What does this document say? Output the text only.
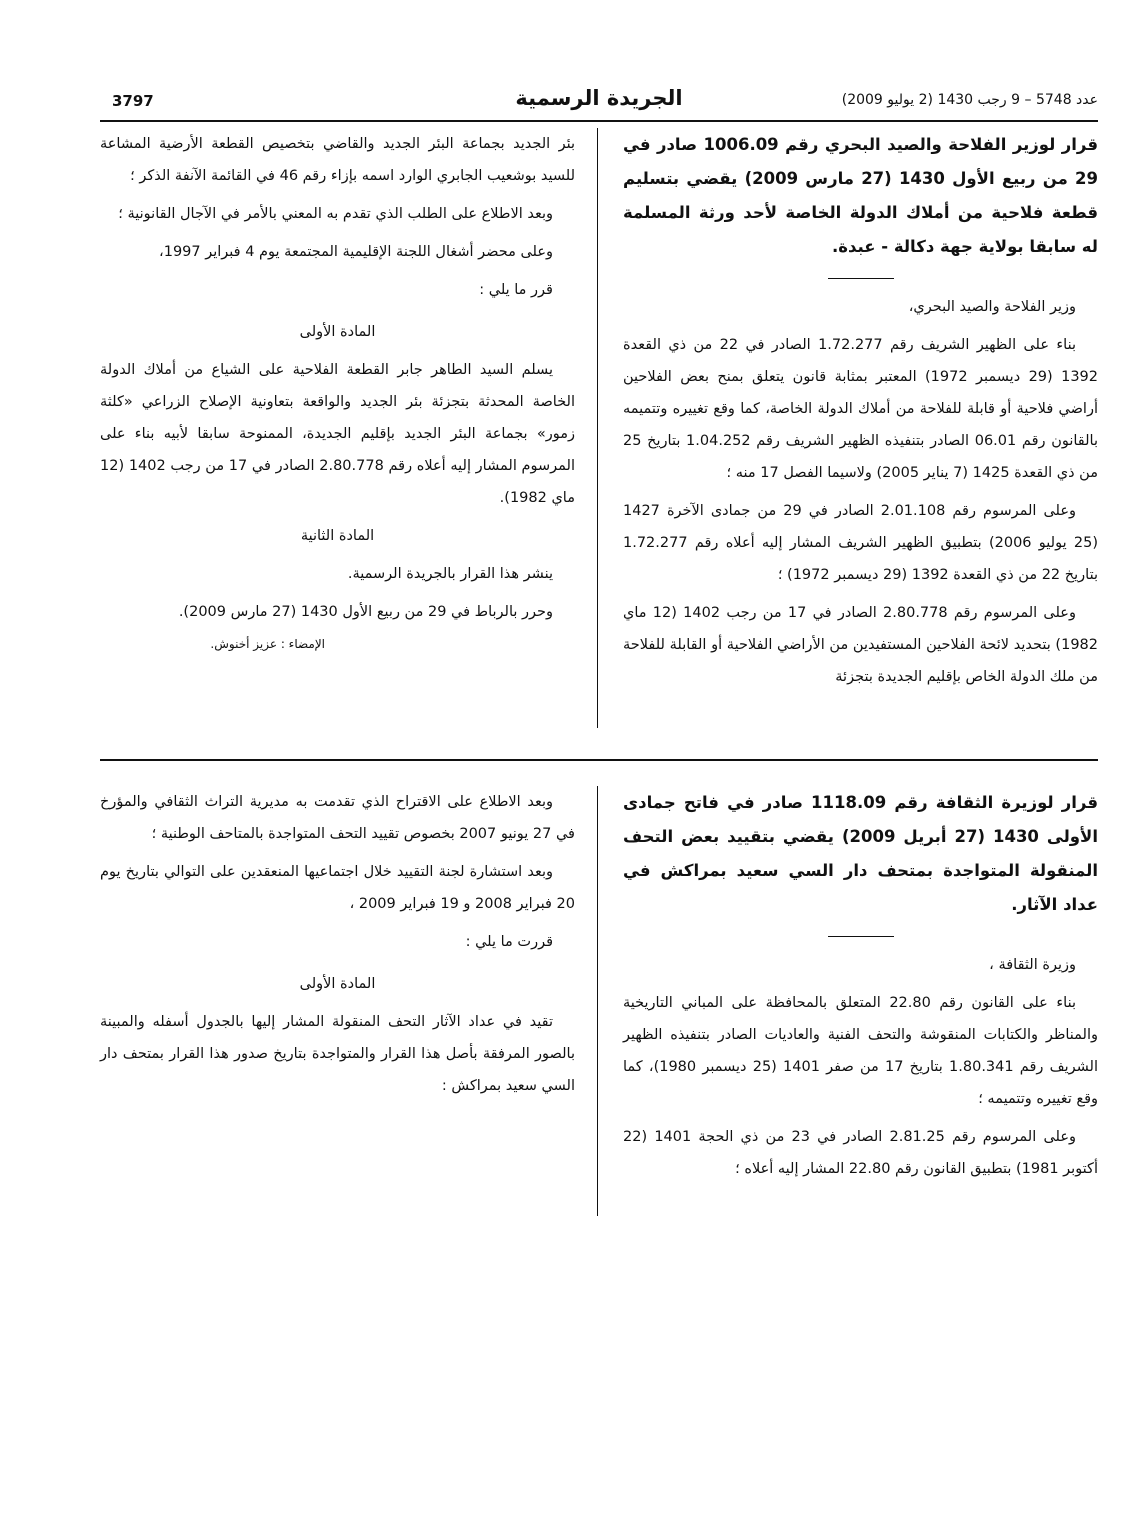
3797	الجريدة الرسمية	عدد 5748 – 9 رجب 1430 (2 يوليو 2009)
قرار لوزير الفلاحة والصيد البحري رقم 1006.09 صادر في 29 من ربيع الأول 1430 (27 مارس 2009) يقضي بتسليم قطعة فلاحية من أملاك الدولة الخاصة لأحد ورثة المسلمة له سابقا بولاية جهة دكالة - عبدة.

وزير الفلاحة والصيد البحري،

بناء على الظهير الشريف رقم 1.72.277 الصادر في 22 من ذي القعدة 1392 (29 ديسمبر 1972) المعتبر بمثابة قانون يتعلق بمنح بعض الفلاحين أراضي فلاحية أو قابلة للفلاحة من أملاك الدولة الخاصة، كما وقع تغييره وتتميمه بالقانون رقم 06.01 الصادر بتنفيذه الظهير الشريف رقم 1.04.252 بتاريخ 25 من ذي القعدة 1425 (7 يناير 2005) ولاسيما الفصل 17 منه ؛

وعلى المرسوم رقم 2.01.108 الصادر في 29 من جمادى الآخرة 1427 (25 يوليو 2006) بتطبيق الظهير الشريف المشار إليه أعلاه رقم 1.72.277 بتاريخ 22 من ذي القعدة 1392 (29 ديسمبر 1972) ؛

وعلى المرسوم رقم 2.80.778 الصادر في 17 من رجب 1402 (12 ماي 1982) بتحديد لائحة الفلاحين المستفيدين من الأراضي الفلاحية أو القابلة للفلاحة من ملك الدولة الخاص بإقليم الجديدة بتجزئة

بئر الجديد بجماعة البئر الجديد والقاضي بتخصيص القطعة الأرضية المشاعة للسيد بوشعيب الجابري الوارد اسمه بإزاء رقم 46 في القائمة الآنفة الذكر ؛

وبعد الاطلاع على الطلب الذي تقدم به المعني بالأمر في الآجال القانونية ؛

وعلى محضر أشغال اللجنة الإقليمية المجتمعة يوم 4 فبراير 1997،

قرر ما يلي :

المادة الأولى

يسلم السيد الطاهر جابر القطعة الفلاحية على الشياع من أملاك الدولة الخاصة المحدثة بتجزئة بئر الجديد والواقعة بتعاونية الإصلاح الزراعي «كلثة زمور» بجماعة البئر الجديد بإقليم الجديدة، الممنوحة سابقا لأبيه بناء على المرسوم المشار إليه أعلاه رقم 2.80.778 الصادر في 17 من رجب 1402 (12 ماي 1982).

المادة الثانية

ينشر هذا القرار بالجريدة الرسمية.

وحرر بالرباط في 29 من ربيع الأول 1430 (27 مارس 2009).

الإمضاء : عزيز أخنوش.

قرار لوزيرة الثقافة رقم 1118.09 صادر في فاتح جمادى الأولى 1430 (27 أبريل 2009) يقضي بتقييد بعض التحف المنقولة المتواجدة بمتحف دار السي سعيد بمراكش في عداد الآثار.

وزيرة الثقافة ،

بناء على القانون رقم 22.80 المتعلق بالمحافظة على المباني التاريخية والمناظر والكتابات المنقوشة والتحف الفنية والعاديات الصادر بتنفيذه الظهير الشريف رقم 1.80.341 بتاريخ 17 من صفر 1401 (25 ديسمبر 1980)، كما وقع تغييره وتتميمه ؛

وعلى المرسوم رقم 2.81.25 الصادر في 23 من ذي الحجة 1401 (22 أكتوبر 1981) بتطبيق القانون رقم 22.80 المشار إليه أعلاه ؛

وبعد الاطلاع على الاقتراح الذي تقدمت به مديرية التراث الثقافي والمؤرخ في 27 يونيو 2007 بخصوص تقييد التحف المتواجدة بالمتاحف الوطنية ؛

وبعد استشارة لجنة التقييد خلال اجتماعيها المنعقدين على التوالي بتاريخ يوم 20 فبراير 2008 و 19 فبراير 2009 ،

قررت ما يلي :

المادة الأولى

تقيد في عداد الآثار التحف المنقولة المشار إليها بالجدول أسفله والمبينة بالصور المرفقة بأصل هذا القرار والمتواجدة بتاريخ صدور هذا القرار بمتحف دار السي سعيد بمراكش :
